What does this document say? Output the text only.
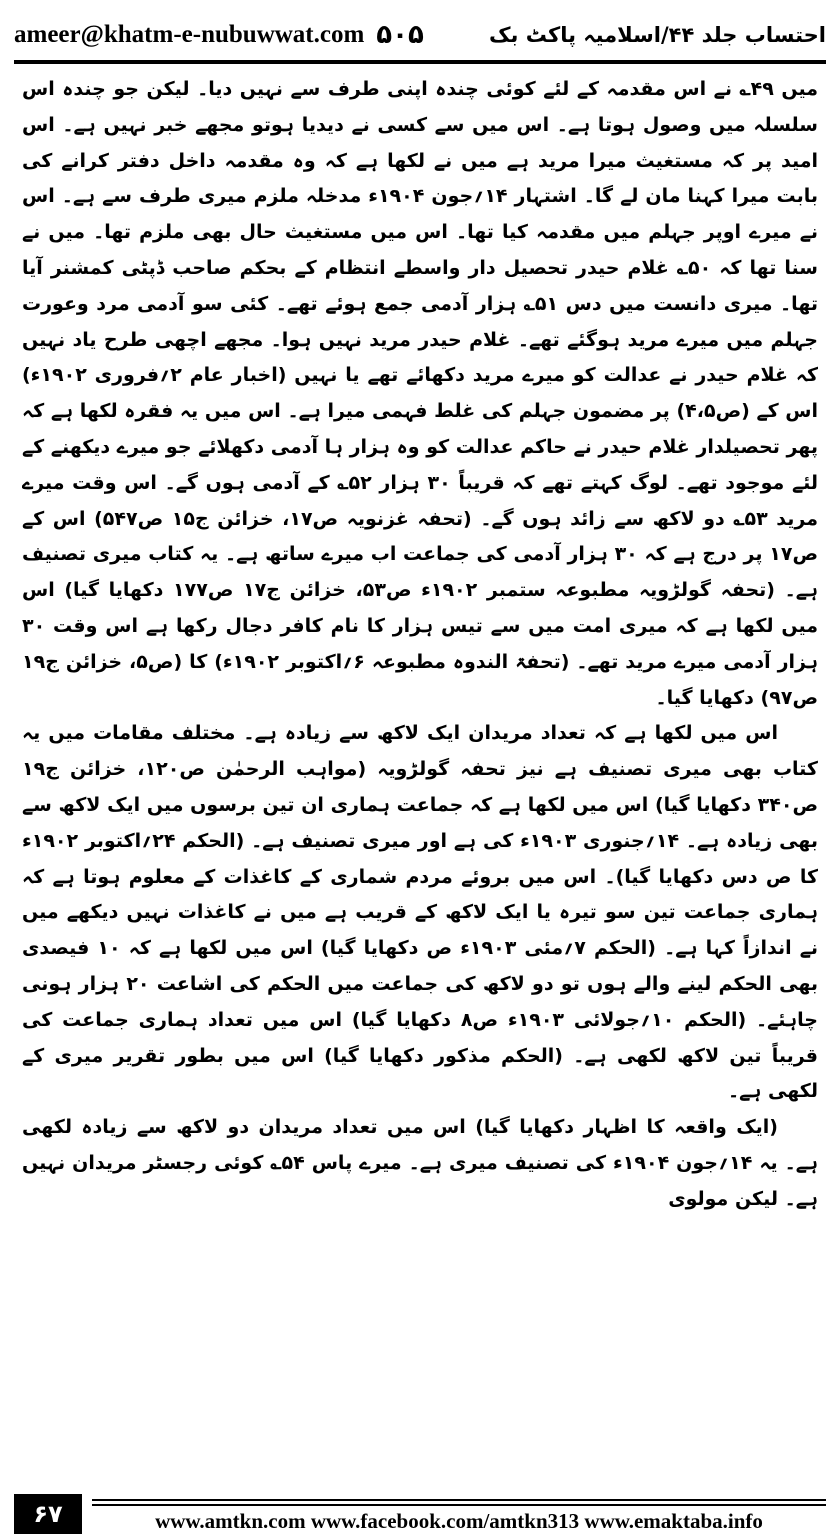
ameer@khatm-e-nubuwwat.com ۵۰۵	احتساب جلد ۴۴/اسلامیہ پاکٹ بک

میں ۴۹؎ نے اس مقدمہ کے لئے کوئی چندہ اپنی طرف سے نہیں دیا۔ لیکن جو چندہ اس سلسلہ میں وصول ہوتا ہے۔ اس میں سے کسی نے دیدیا ہوتو مجھے خبر نہیں ہے۔ اس امید پر کہ مستغیث میرا مرید ہے میں نے لکھا ہے کہ وہ مقدمہ داخل دفتر کرانے کی بابت میرا کہنا مان لے گا۔ اشتہار ۱۴؍جون ۱۹۰۴ء مدخلہ ملزم میری طرف سے ہے۔ اس نے میرے اوپر جہلم میں مقدمہ کیا تھا۔ اس میں مستغیث حال بھی ملزم تھا۔ میں نے سنا تھا کہ ۵۰؎ غلام حیدر تحصیل دار واسطے انتظام کے بحکم صاحب ڈپٹی کمشنر آیا تھا۔ میری دانست میں دس ۵۱؎ ہزار آدمی جمع ہوئے تھے۔ کئی سو آدمی مرد وعورت جہلم میں میرے مرید ہوگئے تھے۔ غلام حیدر مرید نہیں ہوا۔ مجھے اچھی طرح یاد نہیں کہ غلام حیدر نے عدالت کو میرے مرید دکھائے تھے یا نہیں (اخبار عام ۲؍فروری ۱۹۰۲ء) اس کے (ص۴،۵) پر مضمون جہلم کی غلط فہمی میرا ہے۔ اس میں یہ فقرہ لکھا ہے کہ پھر تحصیلدار غلام حیدر نے حاکم عدالت کو وہ ہزار ہا آدمی دکھلائے جو میرے دیکھنے کے لئے موجود تھے۔ لوگ کہتے تھے کہ قریباً ۳۰ ہزار ۵۲؎ کے آدمی ہوں گے۔ اس وقت میرے مرید ۵۳؎ دو لاکھ سے زائد ہوں گے۔ (تحفہ غزنویہ ص۱۷، خزائن ج۱۵ ص۵۴۷) اس کے ص۱۷ پر درج ہے کہ ۳۰ ہزار آدمی کی جماعت اب میرے ساتھ ہے۔ یہ کتاب میری تصنیف ہے۔ (تحفہ گولڑویہ مطبوعہ ستمبر ۱۹۰۲ء ص۵۳، خزائن ج۱۷ ص۱۷۷ دکھایا گیا) اس میں لکھا ہے کہ میری امت میں سے تیس ہزار کا نام کافر دجال رکھا ہے اس وقت ۳۰ ہزار آدمی میرے مرید تھے۔ (تحفۃ الندوہ مطبوعہ ۶؍اکتوبر ۱۹۰۲ء) کا (ص۵، خزائن ج۱۹ ص۹۷) دکھایا گیا۔

اس میں لکھا ہے کہ تعداد مریدان ایک لاکھ سے زیادہ ہے۔ مختلف مقامات میں یہ کتاب بھی میری تصنیف ہے نیز تحفہ گولڑویہ (مواہب الرحمٰن ص۱۲۰، خزائن ج۱۹ ص۳۴۰ دکھایا گیا) اس میں لکھا ہے کہ جماعت ہماری ان تین برسوں میں ایک لاکھ سے بھی زیادہ ہے۔ ۱۴؍جنوری ۱۹۰۳ء کی ہے اور میری تصنیف ہے۔ (الحکم ۲۴؍اکتوبر ۱۹۰۲ء کا ص دس دکھایا گیا)۔ اس میں بروئے مردم شماری کے کاغذات کے معلوم ہوتا ہے کہ ہماری جماعت تین سو تیرہ یا ایک لاکھ کے قریب ہے میں نے کاغذات نہیں دیکھے میں نے اندازاً کہا ہے۔ (الحکم ۷؍مئی ۱۹۰۳ء ص دکھایا گیا) اس میں لکھا ہے کہ ۱۰ فیصدی بھی الحکم لینے والے ہوں تو دو لاکھ کی جماعت میں الحکم کی اشاعت ۲۰ ہزار ہونی چاہئے۔ (الحکم ۱۰؍جولائی ۱۹۰۳ء ص۸ دکھایا گیا) اس میں تعداد ہماری جماعت کی قریباً تین لاکھ لکھی ہے۔ (الحکم مذکور دکھایا گیا) اس میں بطور تقریر میری کے لکھی ہے۔

(ایک واقعہ کا اظہار دکھایا گیا) اس میں تعداد مریدان دو لاکھ سے زیادہ لکھی ہے۔ یہ ۱۴؍جون ۱۹۰۴ء کی تصنیف میری ہے۔ میرے پاس ۵۴؎ کوئی رجسٹر مریدان نہیں ہے۔ لیکن مولوی

۶۷	www.amtkn.com www.facebook.com/amtkn313 www.emaktaba.info
